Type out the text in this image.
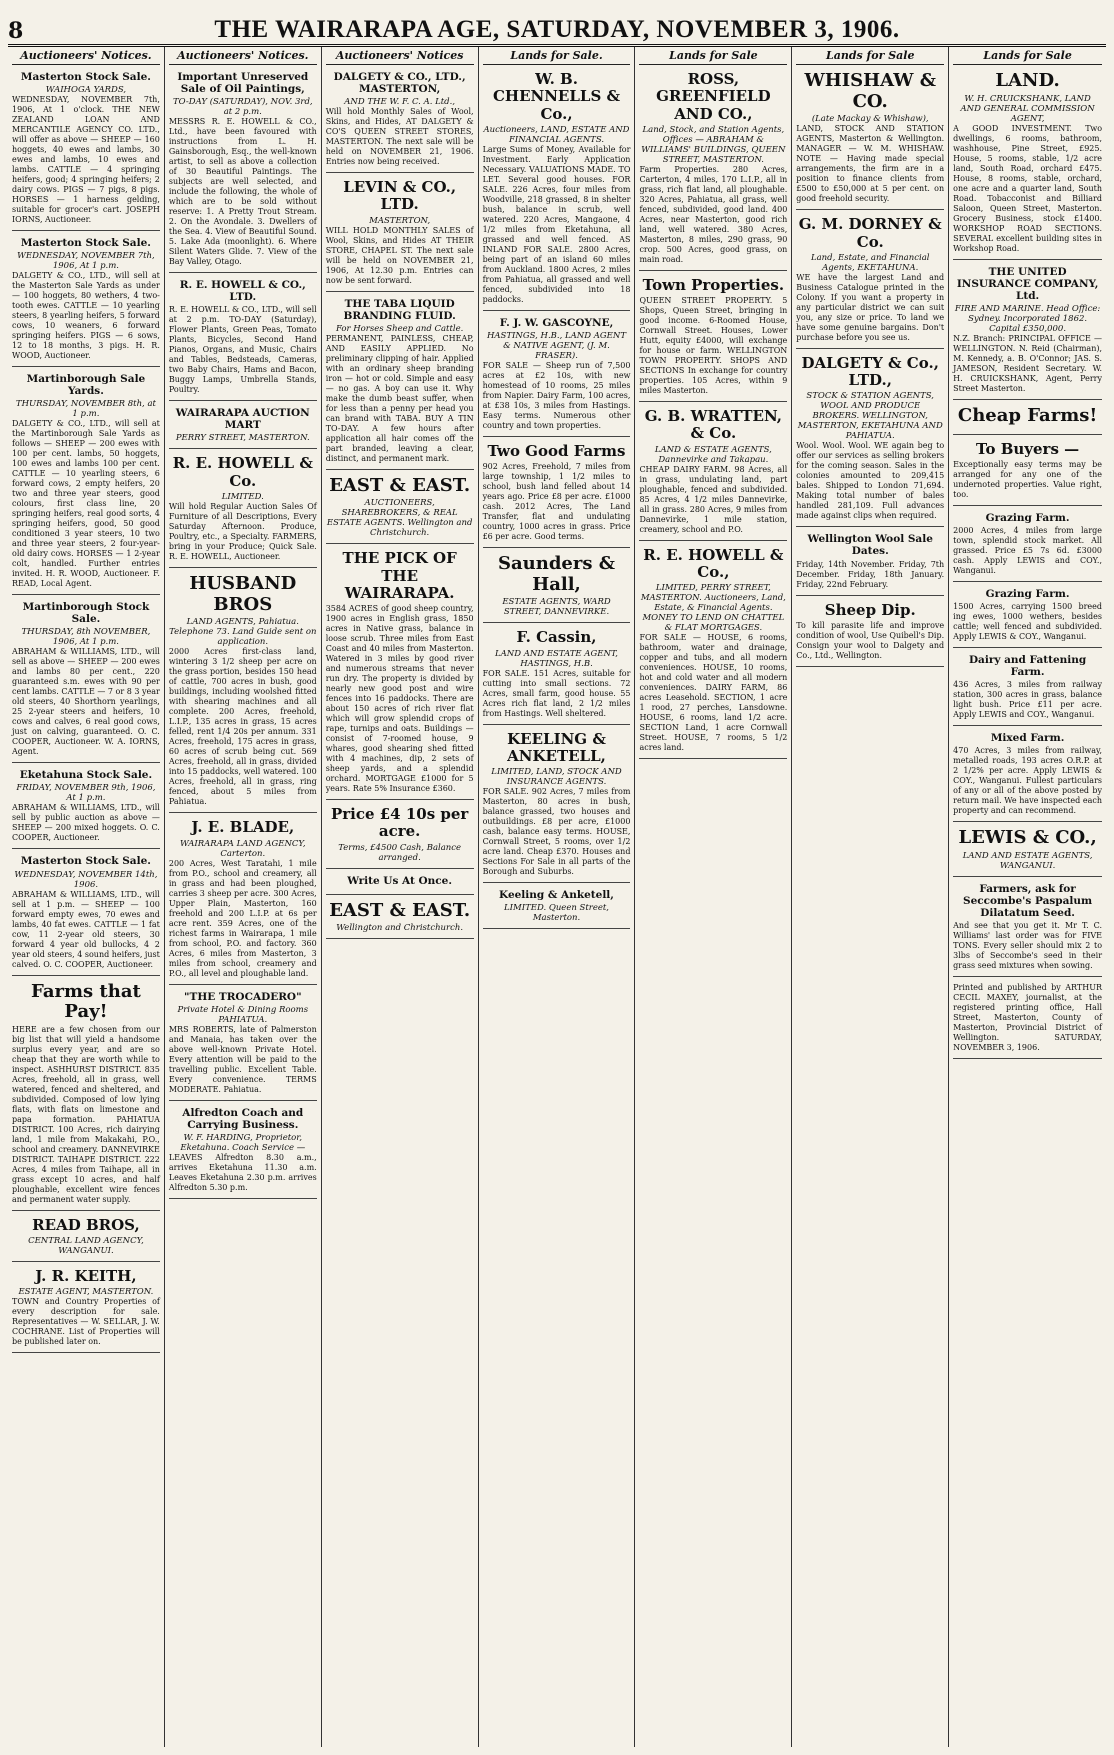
8	THE WAIRARAPA AGE, SATURDAY, NOVEMBER 3, 1906.
Auctioneers' Notices.
Masterton Stock Sale.
WAIHOGA YARDS,
WEDNESDAY, NOVEMBER 7th, 1906, At 1 o'clock. THE NEW ZEALAND LOAN AND MERCANTILE AGENCY CO. LTD., will offer as above — SHEEP — 160 hoggets, 40 ewes and lambs, 30 ewes and lambs, 10 ewes and lambs. CATTLE — 4 springing heifers, good; 4 springing heifers; 2 dairy cows. PIGS — 7 pigs, 8 pigs. HORSES — 1 harness gelding, suitable for grocer's cart. JOSEPH IORNS, Auctioneer.
Masterton Stock Sale.
WEDNESDAY, NOVEMBER 7th, 1906, At 1 p.m.
DALGETY & CO., LTD., will sell at the Masterton Sale Yards as under — 100 hoggets, 80 wethers, 4 two-tooth ewes. CATTLE — 10 yearling steers, 8 yearling heifers, 5 forward cows, 10 weaners, 6 forward springing heifers. PIGS — 6 sows, 12 to 18 months, 3 pigs. H. R. WOOD, Auctioneer.
Martinborough Sale Yards.
THURSDAY, NOVEMBER 8th, at 1 p.m.
DALGETY & CO., LTD., will sell at the Martinborough Sale Yards as follows — SHEEP — 200 ewes with 100 per cent. lambs, 50 hoggets, 100 ewes and lambs 100 per cent. CATTLE — 10 yearling steers, 6 forward cows, 2 empty heifers, 20 two and three year steers, good colours, first class line, 20 springing heifers, real good sorts, 4 springing heifers, good, 50 good conditioned 3 year steers, 10 two and three year steers, 2 four-year-old dairy cows. HORSES — 1 2-year colt, handled. Further entries invited. H. R. WOOD, Auctioneer. F. READ, Local Agent.
Martinborough Stock Sale.
THURSDAY, 8th NOVEMBER, 1906, At 1 p.m.
ABRAHAM & WILLIAMS, LTD., will sell as above — SHEEP — 200 ewes and lambs 80 per cent., 220 guaranteed s.m. ewes with 90 per cent lambs. CATTLE — 7 or 8 3 year old steers, 40 Shorthorn yearlings, 25 2-year steers and heifers, 10 cows and calves, 6 real good cows, just on calving, guaranteed. O. C. COOPER, Auctioneer. W. A. IORNS, Agent.
Eketahuna Stock Sale.
FRIDAY, NOVEMBER 9th, 1906, At 1 p.m.
ABRAHAM & WILLIAMS, LTD., will sell by public auction as above — SHEEP — 200 mixed hoggets. O. C. COOPER, Auctioneer.
Masterton Stock Sale.
WEDNESDAY, NOVEMBER 14th, 1906.
ABRAHAM & WILLIAMS, LTD., will sell at 1 p.m. — SHEEP — 100 forward empty ewes, 70 ewes and lambs, 40 fat ewes. CATTLE — 1 fat cow, 11 2-year old steers, 30 forward 4 year old bullocks, 4 2 year old steers, 4 sound heifers, just calved. O. C. COOPER, Auctioneer.
Farms that Pay!
HERE are a few chosen from our big list that will yield a handsome surplus every year, and are so cheap that they are worth while to inspect. ASHHURST DISTRICT. 835 Acres, freehold, all in grass, well watered, fenced and sheltered, and subdivided. Composed of low lying flats, with flats on limestone and papa formation. PAHIATUA DISTRICT. 100 Acres, rich dairying land, 1 mile from Makakahi, P.O., school and creamery. DANNEVIRKE DISTRICT. TAIHAPE DISTRICT. 222 Acres, 4 miles from Taihape, all in grass except 10 acres, and half ploughable, excellent wire fences and permanent water supply.
READ BROS,
CENTRAL LAND AGENCY, WANGANUI.
J. R. KEITH,
ESTATE AGENT, MASTERTON.
TOWN and Country Properties of every description for sale. Representatives — W. SELLAR, J. W. COCHRANE. List of Properties will be published later on.
Auctioneers' Notices.
Important Unreserved Sale of Oil Paintings,
TO-DAY (SATURDAY), NOV. 3rd, at 2 p.m.
MESSRS R. E. HOWELL & CO., Ltd., have been favoured with instructions from L. H. Gainsborough, Esq., the well-known artist, to sell as above a collection of 30 Beautiful Paintings. The subjects are well selected, and include the following, the whole of which are to be sold without reserve: 1. A Pretty Trout Stream. 2. On the Avondale. 3. Dwellers of the Sea. 4. View of Beautiful Sound. 5. Lake Ada (moonlight). 6. Where Silent Waters Glide. 7. View of the Bay Valley, Otago.
R. E. HOWELL & CO., LTD.
R. E. HOWELL & CO., LTD., will sell at 2 p.m. TO-DAY (Saturday), Flower Plants, Green Peas, Tomato Plants, Bicycles, Second Hand Pianos, Organs, and Music, Chairs and Tables, Bedsteads, Cameras, two Baby Chairs, Hams and Bacon, Buggy Lamps, Umbrella Stands, Poultry.
WAIRARAPA AUCTION MART
PERRY STREET, MASTERTON.
R. E. HOWELL & Co.
LIMITED.
Will hold Regular Auction Sales Of Furniture of all Descriptions, Every Saturday Afternoon. Produce, Poultry, etc., a Specialty. FARMERS, bring in your Produce; Quick Sale. R. E. HOWELL, Auctioneer.
HUSBAND BROS
LAND AGENTS, Pahiatua. Telephone 73. Land Guide sent on application.
2000 Acres first-class land, wintering 3 1/2 sheep per acre on the grass portion, besides 150 head of cattle, 700 acres in bush, good buildings, including woolshed fitted with shearing machines and all complete. 200 Acres, freehold, L.I.P., 135 acres in grass, 15 acres felled, rent 1/4 20s per annum. 331 Acres, freehold, 175 acres in grass, 60 acres of scrub being cut. 569 Acres, freehold, all in grass, divided into 15 paddocks, well watered. 100 Acres, freehold, all in grass, ring fenced, about 5 miles from Pahiatua.
J. E. BLADE,
WAIRARAPA LAND AGENCY, Carterton.
200 Acres, West Taratahi, 1 mile from P.O., school and creamery, all in grass and had been ploughed, carries 3 sheep per acre. 300 Acres, Upper Plain, Masterton, 160 freehold and 200 L.I.P. at 6s per acre rent. 359 Acres, one of the richest farms in Wairarapa, 1 mile from school, P.O. and factory. 360 Acres, 6 miles from Masterton, 3 miles from school, creamery and P.O., all level and ploughable land.
"THE TROCADERO"
Private Hotel & Dining Rooms PAHIATUA.
MRS ROBERTS, late of Palmerston and Manaia, has taken over the above well-known Private Hotel. Every attention will be paid to the travelling public. Excellent Table. Every convenience. TERMS MODERATE. Pahiatua.
Alfredton Coach and Carrying Business.
W. F. HARDING, Proprietor, Eketahuna. Coach Service —
LEAVES Alfredton 8.30 a.m., arrives Eketahuna 11.30 a.m. Leaves Eketahuna 2.30 p.m. arrives Alfredton 5.30 p.m.
Auctioneers' Notices
DALGETY & CO., LTD., MASTERTON,
AND THE W. F. C. A. Ltd.,
Will hold Monthly Sales of Wool, Skins, and Hides, AT DALGETY & CO'S QUEEN STREET STORES, MASTERTON. The next sale will be held on NOVEMBER 21, 1906. Entries now being received.
LEVIN & CO., LTD.
MASTERTON,
WILL HOLD MONTHLY SALES of Wool, Skins, and Hides AT THEIR STORE, CHAPEL ST. The next sale will be held on NOVEMBER 21, 1906, At 12.30 p.m. Entries can now be sent forward.
THE TABA LIQUID BRANDING FLUID.
For Horses Sheep and Cattle.
PERMANENT, PAINLESS, CHEAP, AND EASILY APPLIED. No preliminary clipping of hair. Applied with an ordinary sheep branding iron — hot or cold. Simple and easy — no gas. A boy can use it. Why make the dumb beast suffer, when for less than a penny per head you can brand with TABA. BUY A TIN TO-DAY. A few hours after application all hair comes off the part branded, leaving a clear, distinct, and permanent mark.
EAST & EAST.
AUCTIONEERS, SHAREBROKERS, & REAL ESTATE AGENTS. Wellington and Christchurch.
THE PICK OF THE WAIRARAPA.
3584 ACRES of good sheep country, 1900 acres in English grass, 1850 acres in Native grass, balance in loose scrub. Three miles from East Coast and 40 miles from Masterton. Watered in 3 miles by good river and numerous streams that never run dry. The property is divided by nearly new good post and wire fences into 16 paddocks. There are about 150 acres of rich river flat which will grow splendid crops of rape, turnips and oats. Buildings — consist of 7-roomed house, 9 whares, good shearing shed fitted with 4 machines, dip, 2 sets of sheep yards, and a splendid orchard. MORTGAGE £1000 for 5 years. Rate 5% Insurance £360.
Price £4 10s per acre.
Terms, £4500 Cash, Balance arranged.
Write Us At Once.
EAST & EAST.
Wellington and Christchurch.
Lands for Sale.
W. B. CHENNELLS & Co.,
Auctioneers, LAND, ESTATE AND FINANCIAL AGENTS.
Large Sums of Money, Available for Investment. Early Application Necessary. VALUATIONS MADE. TO LET. Several good houses. FOR SALE. 226 Acres, four miles from Woodville, 218 grassed, 8 in shelter bush, balance in scrub, well watered. 220 Acres, Mangaone, 4 1/2 miles from Eketahuna, all grassed and well fenced. AS INLAND FOR SALE. 2800 Acres, being part of an island 60 miles from Auckland. 1800 Acres, 2 miles from Pahiatua, all grassed and well fenced, subdivided into 18 paddocks.
F. J. W. GASCOYNE,
HASTINGS, H.B., LAND AGENT & NATIVE AGENT, (J. M. FRASER).
FOR SALE — Sheep run of 7,500 acres at £2 10s, with new homestead of 10 rooms, 25 miles from Napier. Dairy Farm, 100 acres, at £38 10s, 3 miles from Hastings. Easy terms. Numerous other country and town properties.
Two Good Farms
902 Acres, Freehold, 7 miles from large township, 1 1/2 miles to school, bush land felled about 14 years ago. Price £8 per acre. £1000 cash. 2012 Acres, The Land Transfer, flat and undulating country, 1000 acres in grass. Price £6 per acre. Good terms.
Saunders & Hall,
ESTATE AGENTS, WARD STREET, DANNEVIRKE.
F. Cassin,
LAND AND ESTATE AGENT, HASTINGS, H.B.
FOR SALE. 151 Acres, suitable for cutting into small sections. 72 Acres, small farm, good house. 55 Acres rich flat land, 2 1/2 miles from Hastings. Well sheltered.
KEELING & ANKETELL,
LIMITED, LAND, STOCK AND INSURANCE AGENTS.
FOR SALE. 902 Acres, 7 miles from Masterton, 80 acres in bush, balance grassed, two houses and outbuildings. £8 per acre, £1000 cash, balance easy terms. HOUSE, Cornwall Street, 5 rooms, over 1/2 acre land. Cheap £370. Houses and Sections For Sale in all parts of the Borough and Suburbs.
Keeling & Anketell,
LIMITED. Queen Street, Masterton.
Lands for Sale
ROSS, GREENFIELD AND CO.,
Land, Stock, and Station Agents, Offices — ABRAHAM & WILLIAMS' BUILDINGS, QUEEN STREET, MASTERTON.
Farm Properties. 280 Acres, Carterton, 4 miles, 170 L.I.P., all in grass, rich flat land, all ploughable. 320 Acres, Pahiatua, all grass, well fenced, subdivided, good land. 400 Acres, near Masterton, good rich land, well watered. 380 Acres, Masterton, 8 miles, 290 grass, 90 crop. 500 Acres, good grass, on main road.
Town Properties.
QUEEN STREET PROPERTY. 5 Shops, Queen Street, bringing in good income. 6-Roomed House, Cornwall Street. Houses, Lower Hutt, equity £4000, will exchange for house or farm. WELLINGTON TOWN PROPERTY. SHOPS AND SECTIONS In exchange for country properties. 105 Acres, within 9 miles Masterton.
G. B. WRATTEN, & Co.
LAND & ESTATE AGENTS, Dannevirke and Takapau.
CHEAP DAIRY FARM. 98 Acres, all in grass, undulating land, part ploughable, fenced and subdivided. 85 Acres, 4 1/2 miles Dannevirke, all in grass. 280 Acres, 9 miles from Dannevirke, 1 mile station, creamery, school and P.O.
R. E. HOWELL & Co.,
LIMITED, PERRY STREET, MASTERTON. Auctioneers, Land, Estate, & Financial Agents. MONEY TO LEND ON CHATTEL & FLAT MORTGAGES.
FOR SALE — HOUSE, 6 rooms, bathroom, water and drainage, copper and tubs, and all modern conveniences. HOUSE, 10 rooms, hot and cold water and all modern conveniences. DAIRY FARM, 86 acres Leasehold. SECTION, 1 acre 1 rood, 27 perches, Lansdowne. HOUSE, 6 rooms, land 1/2 acre. SECTION Land, 1 acre Cornwall Street. HOUSE, 7 rooms, 5 1/2 acres land.
Lands for Sale
WHISHAW & CO.
(Late Mackay & Whishaw),
LAND, STOCK AND STATION AGENTS, Masterton & Wellington. MANAGER — W. M. WHISHAW. NOTE — Having made special arrangements, the firm are in a position to finance clients from £500 to £50,000 at 5 per cent. on good freehold security.
G. M. DORNEY & Co.
Land, Estate, and Financial Agents, EKETAHUNA.
WE have the largest Land and Business Catalogue printed in the Colony. If you want a property in any particular district we can suit you, any size or price. To land we have some genuine bargains. Don't purchase before you see us.
DALGETY & Co., LTD.,
STOCK & STATION AGENTS, WOOL AND PRODUCE BROKERS. WELLINGTON, MASTERTON, EKETAHUNA AND PAHIATUA.
Wool. Wool. Wool. WE again beg to offer our services as selling brokers for the coming season. Sales in the colonies amounted to 209,415 bales. Shipped to London 71,694. Making total number of bales handled 281,109. Full advances made against clips when required.
Wellington Wool Sale Dates.
Friday, 14th November. Friday, 7th December. Friday, 18th January. Friday, 22nd February.
Sheep Dip.
To kill parasite life and improve condition of wool, Use Quibell's Dip. Consign your wool to Dalgety and Co., Ltd., Wellington.
Lands for Sale
LAND.
W. H. CRUICKSHANK, LAND AND GENERAL COMMISSION AGENT,
A GOOD INVESTMENT. Two dwellings, 6 rooms, bathroom, washhouse, Pine Street, £925. House, 5 rooms, stable, 1/2 acre land, South Road, orchard £475. House, 8 rooms, stable, orchard, one acre and a quarter land, South Road. Tobacconist and Billiard Saloon, Queen Street, Masterton. Grocery Business, stock £1400. WORKSHOP ROAD SECTIONS. SEVERAL excellent building sites in Workshop Road.
THE UNITED INSURANCE COMPANY, Ltd.
FIRE AND MARINE. Head Office: Sydney. Incorporated 1862. Capital £350,000.
N.Z. Branch: PRINCIPAL OFFICE — WELLINGTON. N. Reid (Chairman), M. Kennedy, a. B. O'Connor; JAS. S. JAMESON, Resident Secretary. W. H. CRUICKSHANK, Agent, Perry Street Masterton.
Cheap Farms!
To Buyers —
Exceptionally easy terms may be arranged for any one of the undernoted properties. Value right, too.
Grazing Farm.
2000 Acres, 4 miles from large town, splendid stock market. All grassed. Price £5 7s 6d. £3000 cash. Apply LEWIS and COY., Wanganui.
Grazing Farm.
1500 Acres, carrying 1500 breed ing ewes, 1000 wethers, besides cattle; well fenced and subdivided. Apply LEWIS & COY., Wanganui.
Dairy and Fattening Farm.
436 Acres, 3 miles from railway station, 300 acres in grass, balance light bush. Price £11 per acre. Apply LEWIS and COY., Wanganui.
Mixed Farm.
470 Acres, 3 miles from railway, metalled roads, 193 acres O.R.P. at 2 1/2% per acre. Apply LEWIS & COY., Wanganui. Fullest particulars of any or all of the above posted by return mail. We have inspected each property and can recommend.
LEWIS & CO.,
LAND AND ESTATE AGENTS, WANGANUI.
Farmers, ask for Seccombe's Paspalum Dilatatum Seed.
And see that you get it. Mr T. C. Williams' last order was for FIVE TONS. Every seller should mix 2 to 3lbs of Seccombe's seed in their grass seed mixtures when sowing.
Printed and published by ARTHUR CECIL MAXEY, journalist, at the registered printing office, Hall Street, Masterton, County of Masterton, Provincial District of Wellington. SATURDAY, NOVEMBER 3, 1906.
